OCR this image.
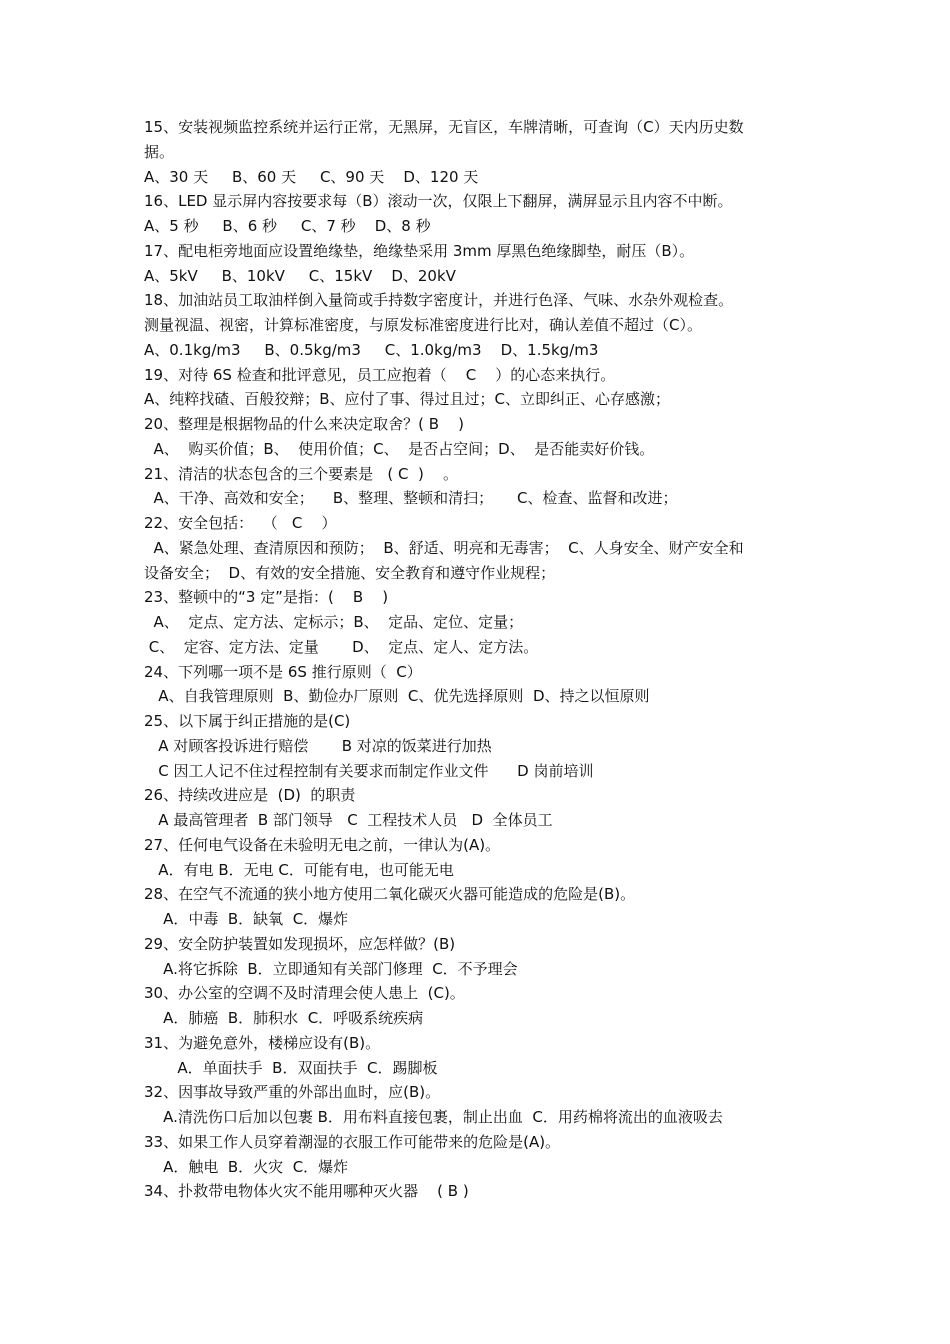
15、安装视频监控系统并运行正常，无黑屏，无盲区，车牌清晰，可查询（C）天内历史数
据。
A、30 天     B、60 天     C、90 天    D、120 天
16、LED 显示屏内容按要求每（B）滚动一次，仅限上下翻屏，满屏显示且内容不中断。
A、5 秒     B、6 秒     C、7 秒    D、8 秒
17、配电柜旁地面应设置绝缘垫，绝缘垫采用 3mm 厚黑色绝缘脚垫，耐压（B）。
A、5kV     B、10kV     C、15kV    D、20kV
18、加油站员工取油样倒入量筒或手持数字密度计，并进行色泽、气味、水杂外观检查。
测量视温、视密，计算标准密度，与原发标准密度进行比对，确认差值不超过（C）。
A、0.1kg/m3     B、0.5kg/m3     C、1.0kg/m3    D、1.5kg/m3
19、对待 6S 检查和批评意见，员工应抱着（    C    ）的心态来执行。
A、纯粹找碴、百般狡辩；B、应付了事、得过且过；C、立即纠正、心存感激；
20、整理是根据物品的什么来决定取舍？( B    )
A、  购买价值；B、  使用价值；C、  是否占空间；D、  是否能卖好价钱。
21、清洁的状态包含的三个要素是   ( C  )    。
A、干净、高效和安全；    B、整理、整顿和清扫；     C、检查、监督和改进；
22、安全包括：  （   C    ）
A、紧急处理、查清原因和预防；  B、舒适、明亮和无毒害；  C、人身安全、财产安全和
设备安全；  D、有效的安全措施、安全教育和遵守作业规程；
23、整顿中的“3 定”是指：(    B    )
A、  定点、定方法、定标示；B、  定品、定位、定量；
C、  定容、定方法、定量       D、  定点、定人、定方法。
24、下列哪一项不是 6S 推行原则（  C）
A、自我管理原则  B、勤俭办厂原则  C、优先选择原则  D、持之以恒原则
25、以下属于纠正措施的是(C)
A 对顾客投诉进行赔偿       B 对凉的饭菜进行加热
C 因工人记不住过程控制有关要求而制定作业文件      D 岗前培训
26、持续改进应是  (D)  的职责
A 最高管理者  B 部门领导   C  工程技术人员   D  全体员工
27、任何电气设备在未验明无电之前，一律认为(A)。
A．有电 B．无电 C．可能有电，也可能无电
28、在空气不流通的狭小地方使用二氧化碳灭火器可能造成的危险是(B)。
A．中毒  B．缺氧  C．爆炸
29、安全防护装置如发现损坏，应怎样做？(B)
A.将它拆除  B．立即通知有关部门修理  C．不予理会
30、办公室的空调不及时清理会使人患上  (C)。
A．肺癌  B．肺积水  C．呼吸系统疾病
31、为避免意外，楼梯应设有(B)。
A．单面扶手  B．双面扶手  C．踢脚板
32、因事故导致严重的外部出血时，应(B)。
A.清洗伤口后加以包裹 B．用布料直接包裹，制止出血  C．用药棉将流出的血液吸去
33、如果工作人员穿着潮湿的衣服工作可能带来的危险是(A)。
A．触电  B．火灾  C．爆炸
34、扑救带电物体火灾不能用哪种灭火器    ( B )
